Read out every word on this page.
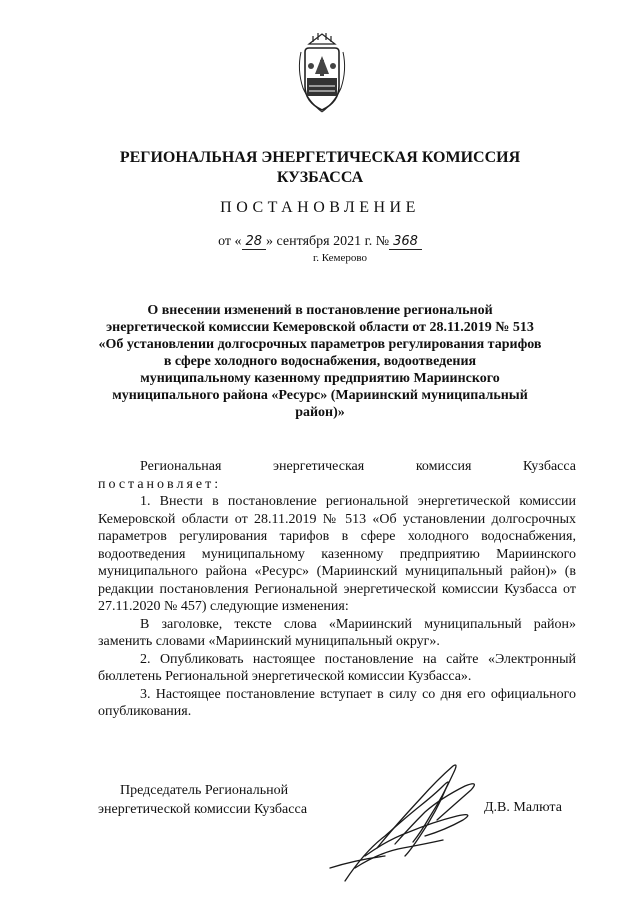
РЕГИОНАЛЬНАЯ ЭНЕРГЕТИЧЕСКАЯ КОМИССИЯ
КУЗБАССА
ПОСТАНОВЛЕНИЕ
от « 28 » сентября 2021 г. № 368
г. Кемерово
О внесении изменений в постановление региональной
энергетической комиссии Кемеровской области от 28.11.2019 № 513
«Об установлении долгосрочных параметров регулирования тарифов
в сфере холодного водоснабжения, водоотведения
муниципальному казенному предприятию Мариинского
муниципального района «Ресурс» (Мариинский муниципальный
район)»

Региональная энергетическая комиссия Кузбасса

постановляет:

1. Внести в постановление региональной энергетической комиссии Кемеровской области от 28.11.2019 № 513 «Об установлении долгосрочных параметров регулирования тарифов в сфере холодного водоснабжения, водоотведения муниципальному казенному предприятию Мариинского муниципального района «Ресурс» (Мариинский муниципальный район)» (в редакции постановления Региональной энергетической комиссии Кузбасса от 27.11.2020 № 457) следующие изменения:

В заголовке, тексте слова «Мариинский муниципальный район» заменить словами «Мариинский муниципальный округ».

2. Опубликовать настоящее постановление на сайте «Электронный бюллетень Региональной энергетической комиссии Кузбасса».

3. Настоящее постановление вступает в силу со дня его официального опубликования.

Председатель Региональной
энергетической комиссии Кузбасса	Д.В. Малюта
